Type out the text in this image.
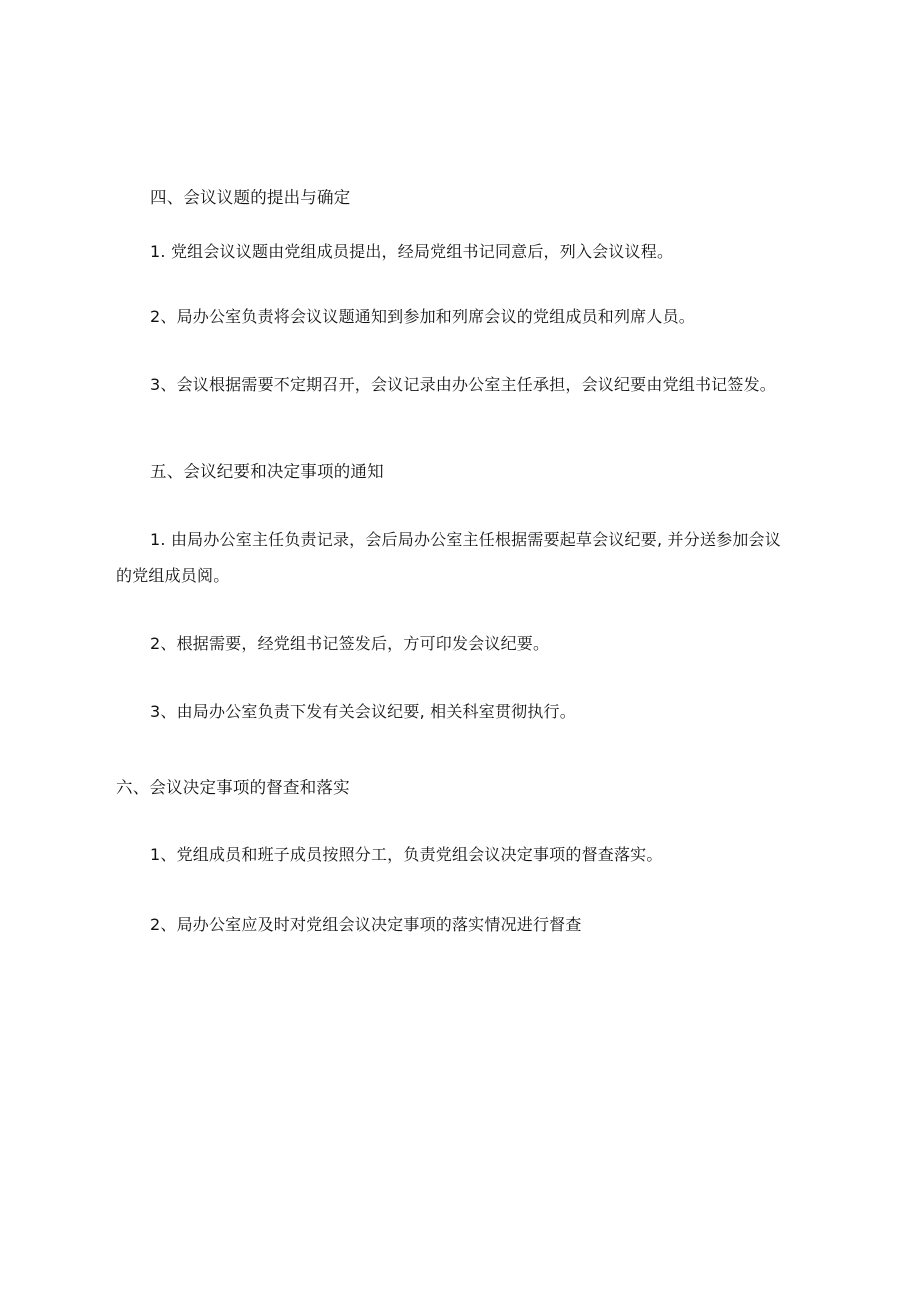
四、会议议题的提出与确定

1. 党组会议议题由党组成员提出，经局党组书记同意后，列入会议议程。

2、局办公室负责将会议议题通知到参加和列席会议的党组成员和列席人员。

3、会议根据需要不定期召开，会议记录由办公室主任承担，会议纪要由党组书记签发。

五、会议纪要和决定事项的通知

1. 由局办公室主任负责记录，会后局办公室主任根据需要起草会议纪要, 并分送参加会议

的党组成员阅。

2、根据需要，经党组书记签发后，方可印发会议纪要。

3、由局办公室负责下发有关会议纪要, 相关科室贯彻执行。

六、会议决定事项的督查和落实

1、党组成员和班子成员按照分工，负责党组会议决定事项的督查落实。

2、局办公室应及时对党组会议决定事项的落实情况进行督查
